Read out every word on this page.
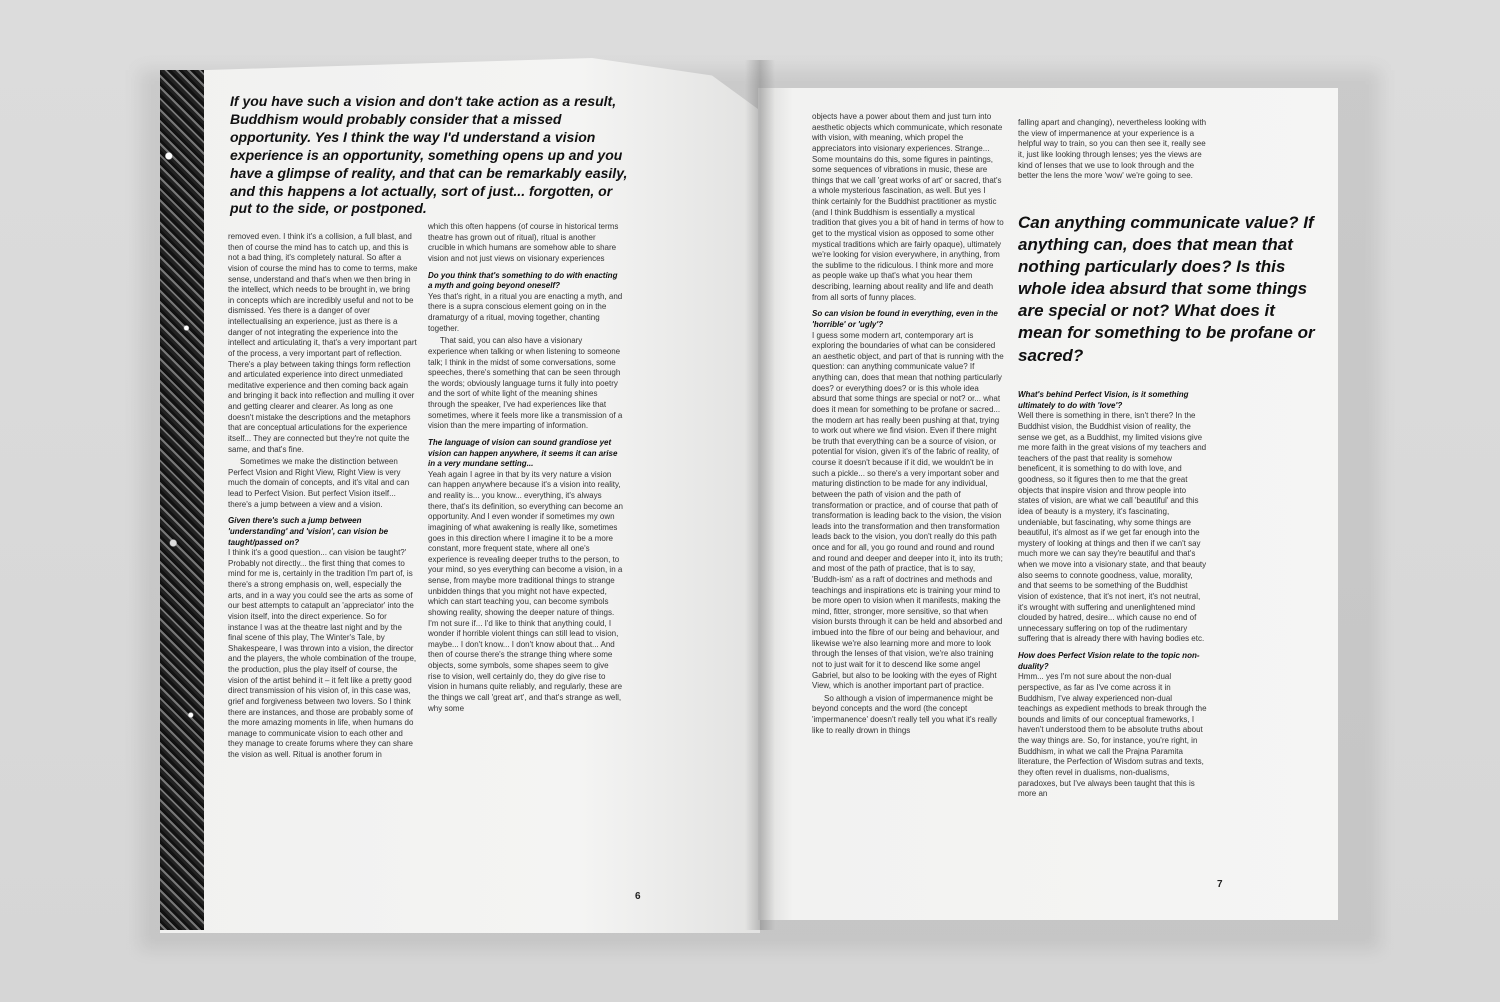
If you have such a vision and don't take action as a result, Buddhism would probably consider that a missed opportunity. Yes I think the way I'd understand a vision experience is an opportunity, something opens up and you have a glimpse of reality, and that can be remarkably easily, and this happens a lot actually, sort of just... forgotten, or put to the side, or postponed.

removed even. I think it's a collision, a full blast, and then of course the mind has to catch up, and this is not a bad thing, it's completely natural. So after a vision of course the mind has to come to terms, make sense, understand and that's when we then bring in the intellect, which needs to be brought in, we bring in concepts which are incredibly useful and not to be dismissed. Yes there is a danger of over intellectualising an experience, just as there is a danger of not integrating the experience into the intellect and articulating it, that's a very important part of the process, a very important part of reflection. There's a play between taking things form reflection and articulated experience into direct unmediated meditative experience and then coming back again and bringing it back into reflection and mulling it over and getting clearer and clearer. As long as one doesn't mistake the descriptions and the metaphors that are conceptual articulations for the experience itself... They are connected but they're not quite the same, and that's fine.

Sometimes we make the distinction between Perfect Vision and Right View, Right View is very much the domain of concepts, and it's vital and can lead to Perfect Vision. But perfect Vision itself... there's a jump between a view and a vision.

Given there's such a jump between 'understanding' and 'vision', can vision be taught/passed on?

I think it's a good question... can vision be taught?' Probably not directly... the first thing that comes to mind for me is, certainly in the tradition I'm part of, is there's a strong emphasis on, well, especially the arts, and in a way you could see the arts as some of our best attempts to catapult an 'appreciator' into the vision itself, into the direct experience. So for instance I was at the theatre last night and by the final scene of this play, The Winter's Tale, by Shakespeare, I was thrown into a vision, the director and the players, the whole combination of the troupe, the production, plus the play itself of course, the vision of the artist behind it – it felt like a pretty good direct transmission of his vision of, in this case was, grief and forgiveness between two lovers. So I think there are instances, and those are probably some of the more amazing moments in life, when humans do manage to communicate vision to each other and they manage to create forums where they can share the vision as well. Ritual is another forum in

which this often happens (of course in historical terms theatre has grown out of ritual), ritual is another crucible in which humans are somehow able to share vision and not just views on visionary experiences

Do you think that's something to do with enacting a myth and going beyond oneself?

Yes that's right, in a ritual you are enacting a myth, and there is a supra conscious element going on in the dramaturgy of a ritual, moving together, chanting together.

That said, you can also have a visionary experience when talking or when listening to someone talk; I think in the midst of some conversations, some speeches, there's something that can be seen through the words; obviously language turns it fully into poetry and the sort of white light of the meaning shines through the speaker, I've had experiences like that sometimes, where it feels more like a transmission of a vision than the mere imparting of information.

The language of vision can sound grandiose yet vision can happen anywhere, it seems it can arise in a very mundane setting...

Yeah again I agree in that by its very nature a vision can happen anywhere because it's a vision into reality, and reality is... you know... everything, it's always there, that's its definition, so everything can become an opportunity. And I even wonder if sometimes my own imagining of what awakening is really like, sometimes goes in this direction where I imagine it to be a more constant, more frequent state, where all one's experience is revealing deeper truths to the person, to your mind, so yes everything can become a vision, in a sense, from maybe more traditional things to strange unbidden things that you might not have expected, which can start teaching you, can become symbols showing reality, showing the deeper nature of things. I'm not sure if... I'd like to think that anything could, I wonder if horrible violent things can still lead to vision, maybe... I don't know... I don't know about that... And then of course there's the strange thing where some objects, some symbols, some shapes seem to give rise to vision, well certainly do, they do give rise to vision in humans quite reliably, and regularly, these are the things we call 'great art', and that's strange as well, why some

6

objects have a power about them and just turn into aesthetic objects which communicate, which resonate with vision, with meaning, which propel the appreciators into visionary experiences. Strange... Some mountains do this, some figures in paintings, some sequences of vibrations in music, these are things that we call 'great works of art' or sacred, that's a whole mysterious fascination, as well. But yes I think certainly for the Buddhist practitioner as mystic (and I think Buddhism is essentially a mystical tradition that gives you a bit of hand in terms of how to get to the mystical vision as opposed to some other mystical traditions which are fairly opaque), ultimately we're looking for vision everywhere, in anything, from the sublime to the ridiculous. I think more and more as people wake up that's what you hear them describing, learning about reality and life and death from all sorts of funny places.

So can vision be found in everything, even in the 'horrible' or 'ugly'?

I guess some modern art, contemporary art is exploring the boundaries of what can be considered an aesthetic object, and part of that is running with the question: can anything communicate value? If anything can, does that mean that nothing particularly does? or everything does? or is this whole idea absurd that some things are special or not? or... what does it mean for something to be profane or sacred... the modern art has really been pushing at that, trying to work out where we find vision. Even if there might be truth that everything can be a source of vision, or potential for vision, given it's of the fabric of reality, of course it doesn't because if it did, we wouldn't be in such a pickle... so there's a very important sober and maturing distinction to be made for any individual, between the path of vision and the path of transformation or practice, and of course that path of transformation is leading back to the vision, the vision leads into the transformation and then transformation leads back to the vision, you don't really do this path once and for all, you go round and round and round and round and deeper and deeper into it, into its truth; and most of the path of practice, that is to say, 'Buddh-ism' as a raft of doctrines and methods and teachings and inspirations etc is training your mind to be more open to vision when it manifests, making the mind, fitter, stronger, more sensitive, so that when vision bursts through it can be held and absorbed and imbued into the fibre of our being and behaviour, and likewise we're also learning more and more to look through the lenses of that vision, we're also training not to just wait for it to descend like some angel Gabriel, but also to be looking with the eyes of Right View, which is another important part of practice.

So although a vision of impermanence might be beyond concepts and the word (the concept 'impermanence' doesn't really tell you what it's really like to really drown in things

falling apart and changing), nevertheless looking with the view of impermanence at your experience is a helpful way to train, so you can then see it, really see it, just like looking through lenses; yes the views are kind of lenses that we use to look through and the better the lens the more 'wow' we're going to see.

Can anything communicate value? If anything can, does that mean that nothing particularly does? Is this whole idea absurd that some things are special or not? What does it mean for something to be profane or sacred?

What's behind Perfect Vision, is it something ultimately to do with 'love'?

Well there is something in there, isn't there? In the Buddhist vision, the Buddhist vision of reality, the sense we get, as a Buddhist, my limited visions give me more faith in the great visions of my teachers and teachers of the past that reality is somehow beneficent, it is something to do with love, and goodness, so it figures then to me that the great objects that inspire vision and throw people into states of vision, are what we call 'beautiful' and this idea of beauty is a mystery, it's fascinating, undeniable, but fascinating, why some things are beautiful, it's almost as if we get far enough into the mystery of looking at things and then if we can't say much more we can say they're beautiful and that's when we move into a visionary state, and that beauty also seems to connote goodness, value, morality, and that seems to be something of the Buddhist vision of existence, that it's not inert, it's not neutral, it's wrought with suffering and unenlightened mind clouded by hatred, desire... which cause no end of unnecessary suffering on top of the rudimentary suffering that is already there with having bodies etc.

How does Perfect Vision relate to the topic non-duality?

Hmm... yes I'm not sure about the non-dual perspective, as far as I've come across it in Buddhism, I've alway experienced non-dual teachings as expedient methods to break through the bounds and limits of our conceptual frameworks, I haven't understood them to be absolute truths about the way things are. So, for instance, you're right, in Buddhism, in what we call the Prajna Paramita literature, the Perfection of Wisdom sutras and texts, they often revel in dualisms, non-dualisms, paradoxes, but I've always been taught that this is more an

7
